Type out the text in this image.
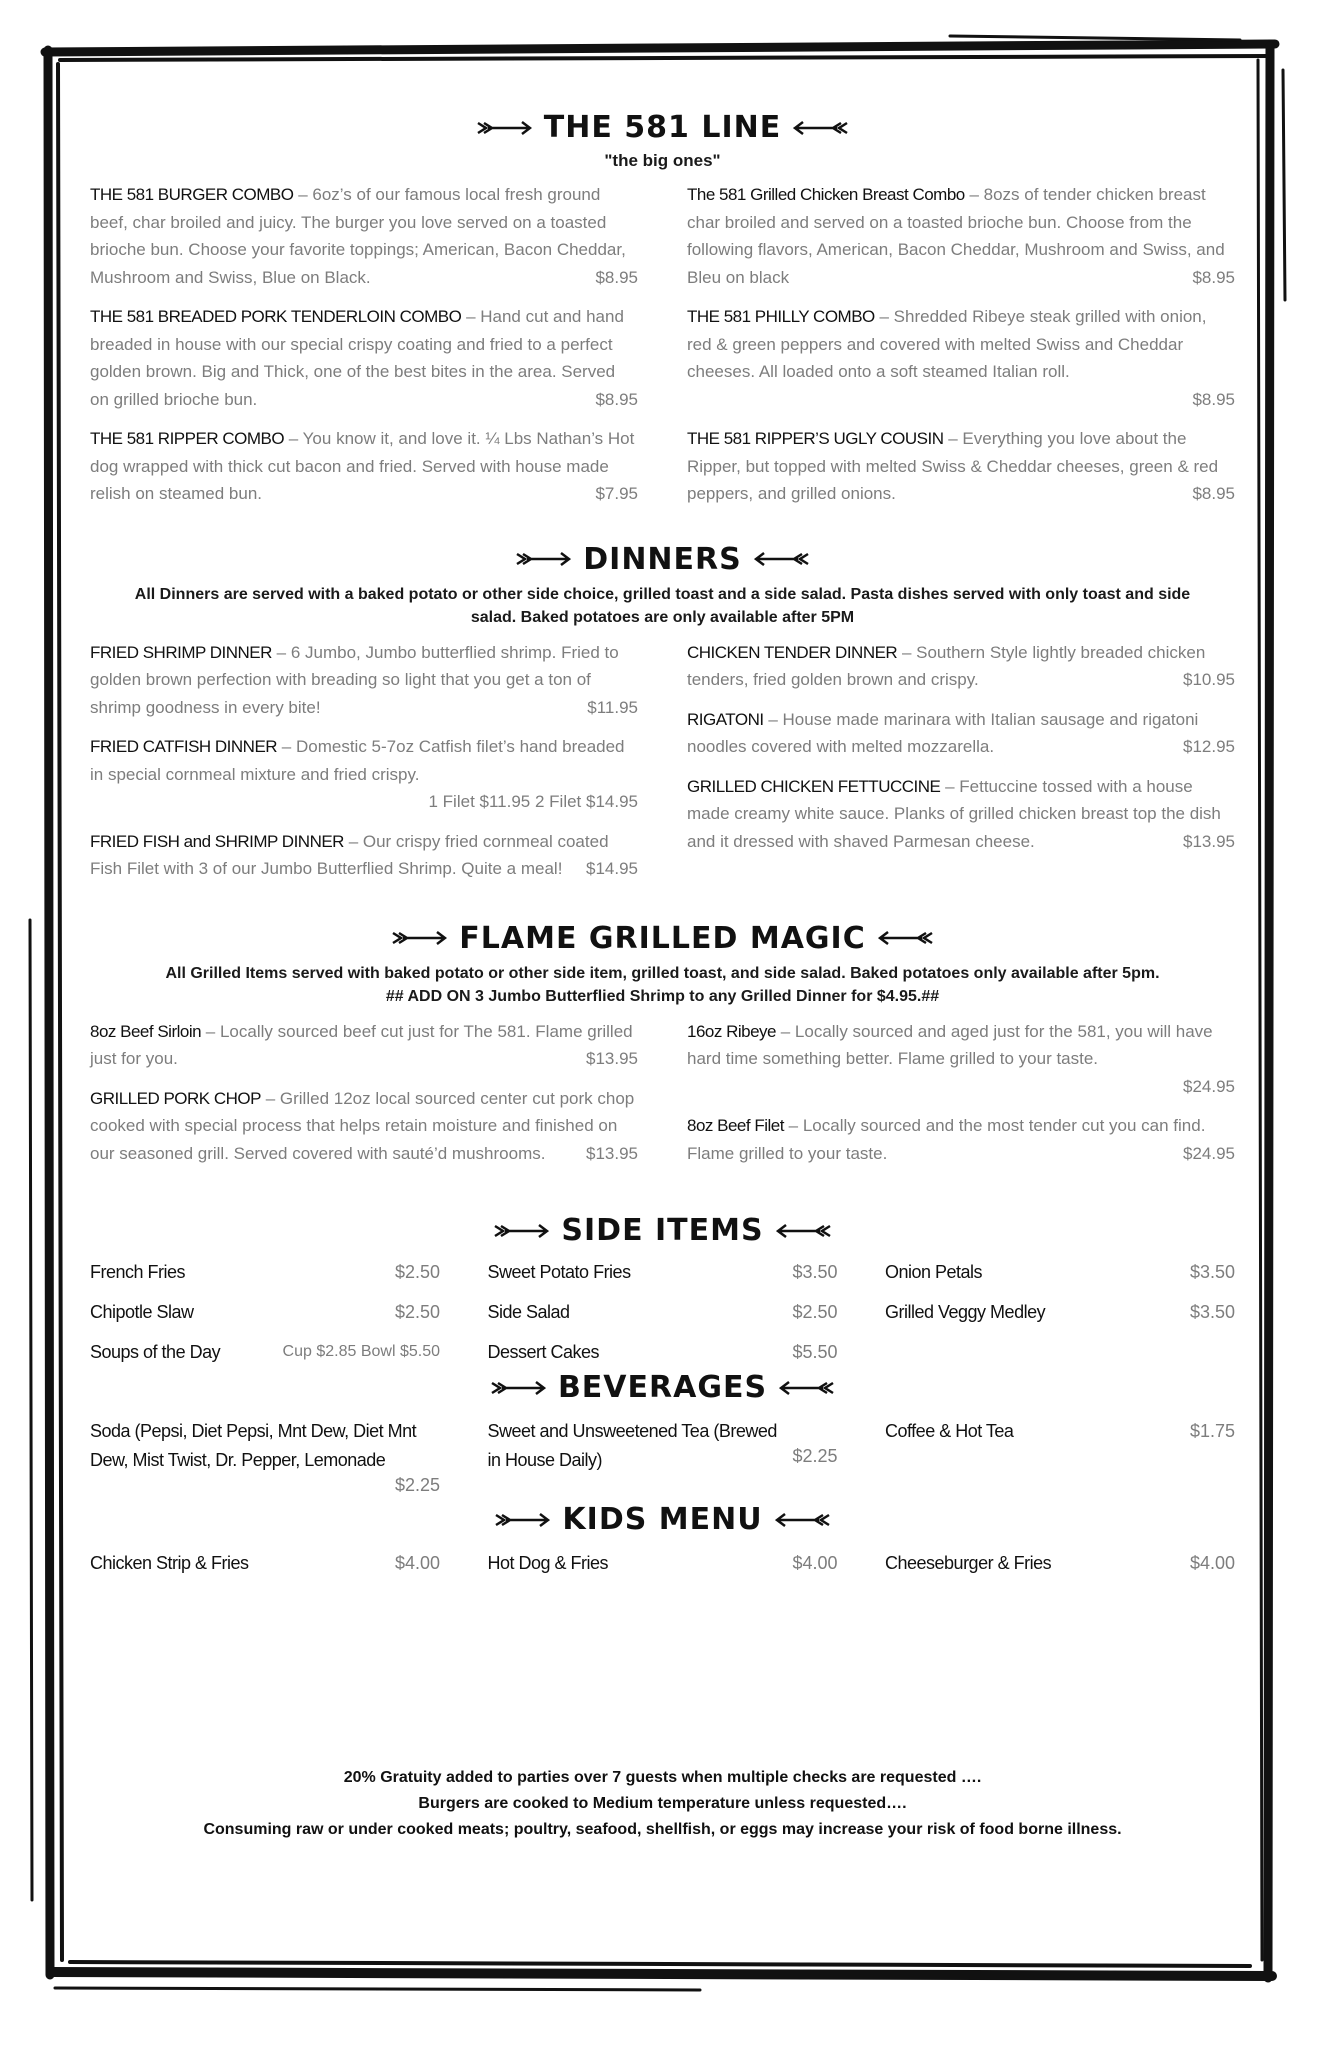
THE 581 LINE
"the big ones"
THE 581 BURGER COMBO – 6oz’s of our famous local fresh ground beef, char broiled and juicy. The burger you love served on a toasted brioche bun. Choose your favorite toppings; American, Bacon Cheddar, Mushroom and Swiss, Blue on Black.	$8.95
THE 581 BREADED PORK TENDERLOIN COMBO – Hand cut and hand breaded in house with our special crispy coating and fried to a perfect golden brown. Big and Thick, one of the best bites in the area. Served on grilled brioche bun.	$8.95
THE 581 RIPPER COMBO – You know it, and love it. ¼ Lbs Nathan’s Hot dog wrapped with thick cut bacon and fried. Served with house made relish on steamed bun.	$7.95
The 581 Grilled Chicken Breast Combo – 8ozs of tender chicken breast char broiled and served on a toasted brioche bun. Choose from the following flavors, American, Bacon Cheddar, Mushroom and Swiss, and Bleu on black	$8.95
THE 581 PHILLY COMBO – Shredded Ribeye steak grilled with onion, red & green peppers and covered with melted Swiss and Cheddar cheeses. All loaded onto a soft steamed Italian roll.
$8.95
THE 581 RIPPER’S UGLY COUSIN – Everything you love about the Ripper, but topped with melted Swiss & Cheddar cheeses, green & red peppers, and grilled onions.	$8.95
DINNERS
All Dinners are served with a baked potato or other side choice, grilled toast and a side salad. Pasta dishes served with only toast and side salad. Baked potatoes are only available after 5PM
FRIED SHRIMP DINNER – 6 Jumbo, Jumbo butterflied shrimp. Fried to golden brown perfection with breading so light that you get a ton of shrimp goodness in every bite!	$11.95
FRIED CATFISH DINNER – Domestic 5-7oz Catfish filet’s hand breaded in special cornmeal mixture and fried crispy.
1 Filet $11.95 2 Filet $14.95
FRIED FISH and SHRIMP DINNER – Our crispy fried cornmeal coated Fish Filet with 3 of our Jumbo Butterflied Shrimp. Quite a meal! $14.95
CHICKEN TENDER DINNER – Southern Style lightly breaded chicken tenders, fried golden brown and crispy.	$10.95
RIGATONI – House made marinara with Italian sausage and rigatoni noodles covered with melted mozzarella.	$12.95
GRILLED CHICKEN FETTUCCINE – Fettuccine tossed with a house made creamy white sauce. Planks of grilled chicken breast top the dish and it dressed with shaved Parmesan cheese.	$13.95
FLAME GRILLED MAGIC
All Grilled Items served with baked potato or other side item, grilled toast, and side salad. Baked potatoes only available after 5pm.
## ADD ON 3 Jumbo Butterflied Shrimp to any Grilled Dinner for $4.95.##
8oz Beef Sirloin – Locally sourced beef cut just for The 581. Flame grilled just for you.	$13.95
GRILLED PORK CHOP – Grilled 12oz local sourced center cut pork chop cooked with special process that helps retain moisture and finished on our seasoned grill. Served covered with sauté’d mushrooms. $13.95
16oz Ribeye – Locally sourced and aged just for the 581, you will have hard time something better. Flame grilled to your taste.
$24.95
8oz Beef Filet – Locally sourced and the most tender cut you can find. Flame grilled to your taste.	$24.95
SIDE ITEMS
French Fries	$2.50
Chipotle Slaw	$2.50
Soups of the Day	Cup $2.85 Bowl $5.50
Sweet Potato Fries	$3.50
Side Salad	$2.50
Dessert Cakes	$5.50
Onion Petals	$3.50
Grilled Veggy Medley	$3.50
BEVERAGES
Soda (Pepsi, Diet Pepsi, Mnt Dew, Diet Mnt Dew, Mist Twist, Dr. Pepper, Lemonade
$2.25
Sweet and Unsweetened Tea (Brewed in House Daily)	$2.25
Coffee & Hot Tea	$1.75
KIDS MENU
Chicken Strip & Fries	$4.00	Hot Dog & Fries	$4.00	Cheeseburger & Fries	$4.00
20% Gratuity added to parties over 7 guests when multiple checks are requested ….
Burgers are cooked to Medium temperature unless requested….
Consuming raw or under cooked meats; poultry, seafood, shellfish, or eggs may increase your risk of food borne illness.
